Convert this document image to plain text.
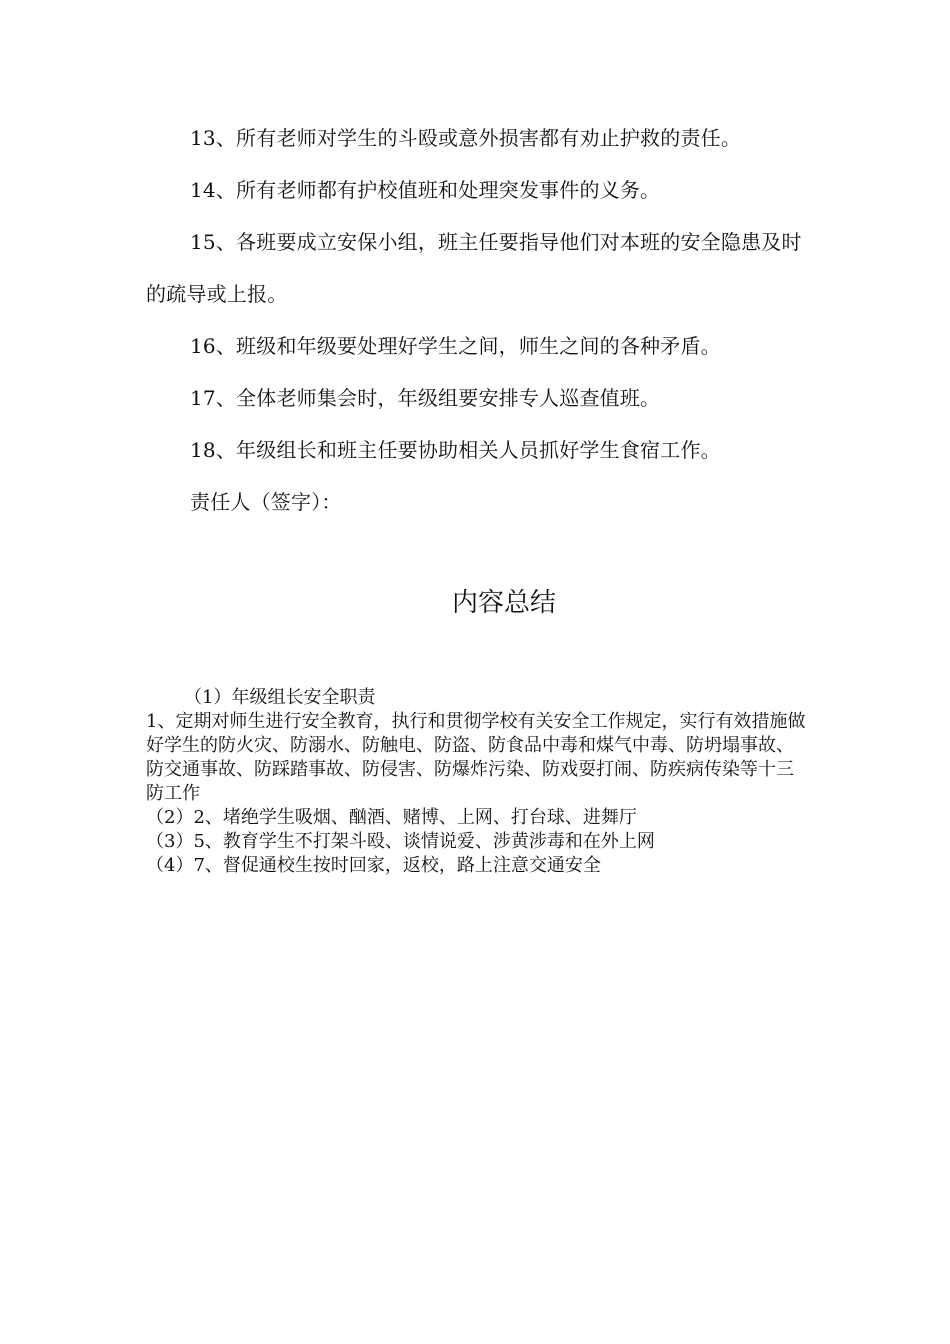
13、所有老师对学生的斗殴或意外损害都有劝止护救的责任。

14、所有老师都有护校值班和处理突发事件的义务。

15、各班要成立安保小组，班主任要指导他们对本班的安全隐患及时的疏导或上报。

16、班级和年级要处理好学生之间，师生之间的各种矛盾。

17、全体老师集会时，年级组要安排专人巡查值班。

18、年级组长和班主任要协助相关人员抓好学生食宿工作。

责任人（签字）：

内容总结

（1）年级组长安全职责

1、定期对师生进行安全教育，执行和贯彻学校有关安全工作规定，实行有效措施做好学生的防火灾、防溺水、防触电、防盗、防食品中毒和煤气中毒、防坍塌事故、防交通事故、防踩踏事故、防侵害、防爆炸污染、防戏耍打闹、防疾病传染等十三防工作

（2）2、堵绝学生吸烟、酗酒、赌博、上网、打台球、进舞厅

（3）5、教育学生不打架斗殴、谈情说爱、涉黄涉毒和在外上网

（4）7、督促通校生按时回家，返校，路上注意交通安全
